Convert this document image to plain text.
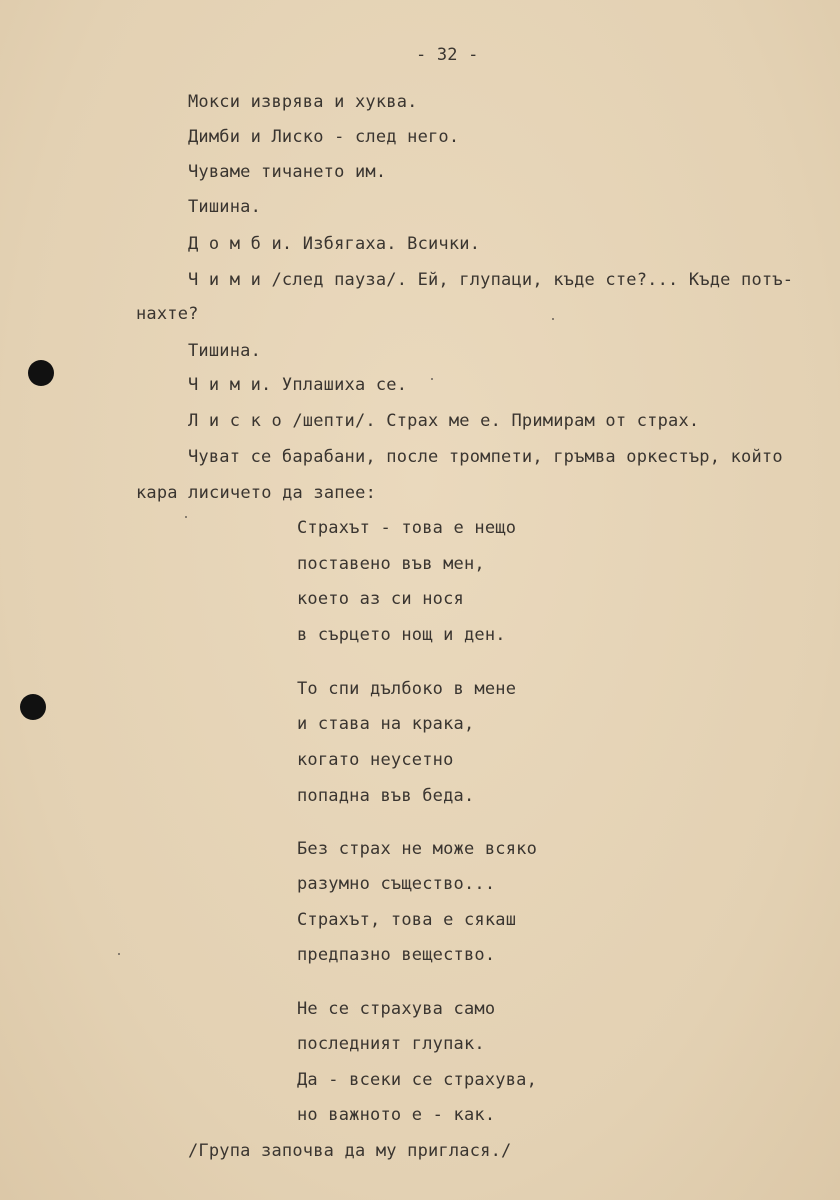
- 32 -
Мокси изврява и хуква.
Димби и Лиско - след него.
Чуваме тичането им.
Тишина.
Д о м б и. Избягаха. Всички.
Ч и м и /след пауза/. Ей, глупаци, къде сте?... Къде потъ-
нахте?
Тишина.
Ч и м и. Уплашиха се.
Л и с к о /шепти/. Страх ме е. Примирам от страх.
Чуват се барабани, после тромпети, гръмва оркестър, който
кара лисичето да запее:
Страхът - това е нещо
поставено във мен,
което аз си нося
в сърцето нощ и ден.
То спи дълбоко в мене
и става на крака,
когато неусетно
попадна във беда.
Без страх не може всяко
разумно същество...
Страхът, това е сякаш
предпазно вещество.
Не се страхува само
последният глупак.
Да - всеки се страхува,
но важното е - как.
/Група започва да му приглася./
